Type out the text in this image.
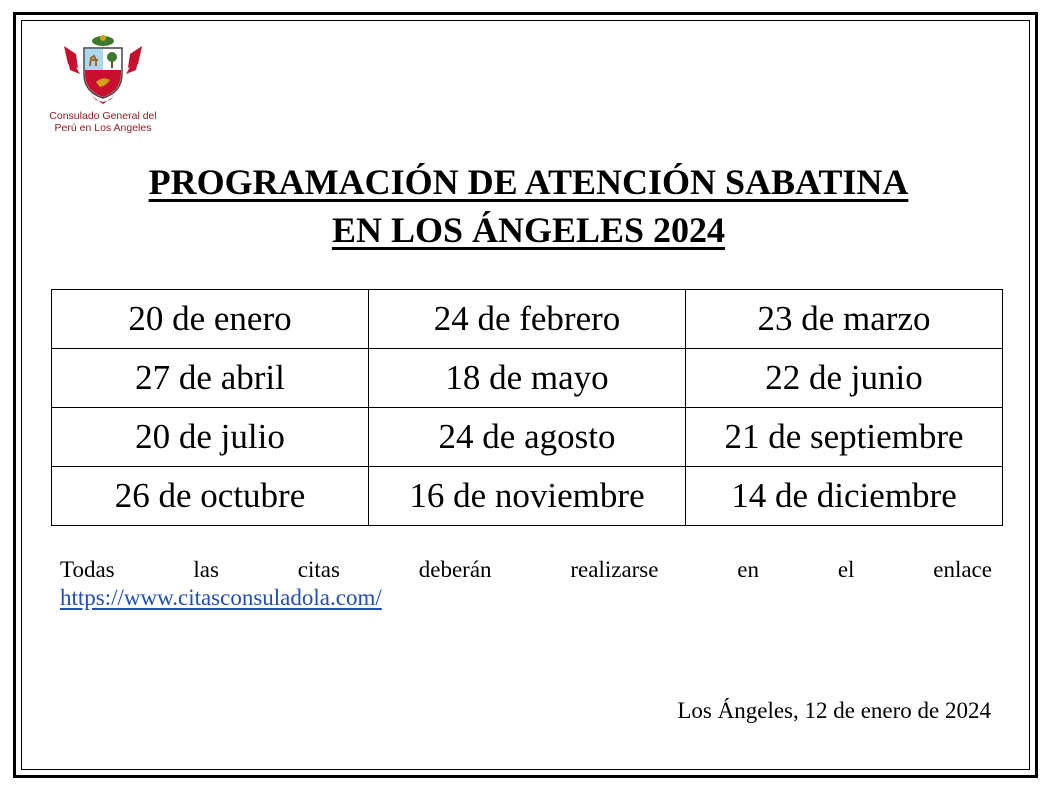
Consulado General del
Perú en Los Angeles
PROGRAMACIÓN DE ATENCIÓN SABATINA
EN LOS ÁNGELES 2024
20 de enero	24 de febrero	23 de marzo
27 de abril	18 de mayo	22 de junio
20 de julio	24 de agosto	21 de septiembre
26 de octubre	16 de noviembre	14 de diciembre
Todas	las	citas	deberán	realizarse	en	el	enlace
https://www.citasconsuladola.com/
Los Ángeles, 12 de enero de 2024
